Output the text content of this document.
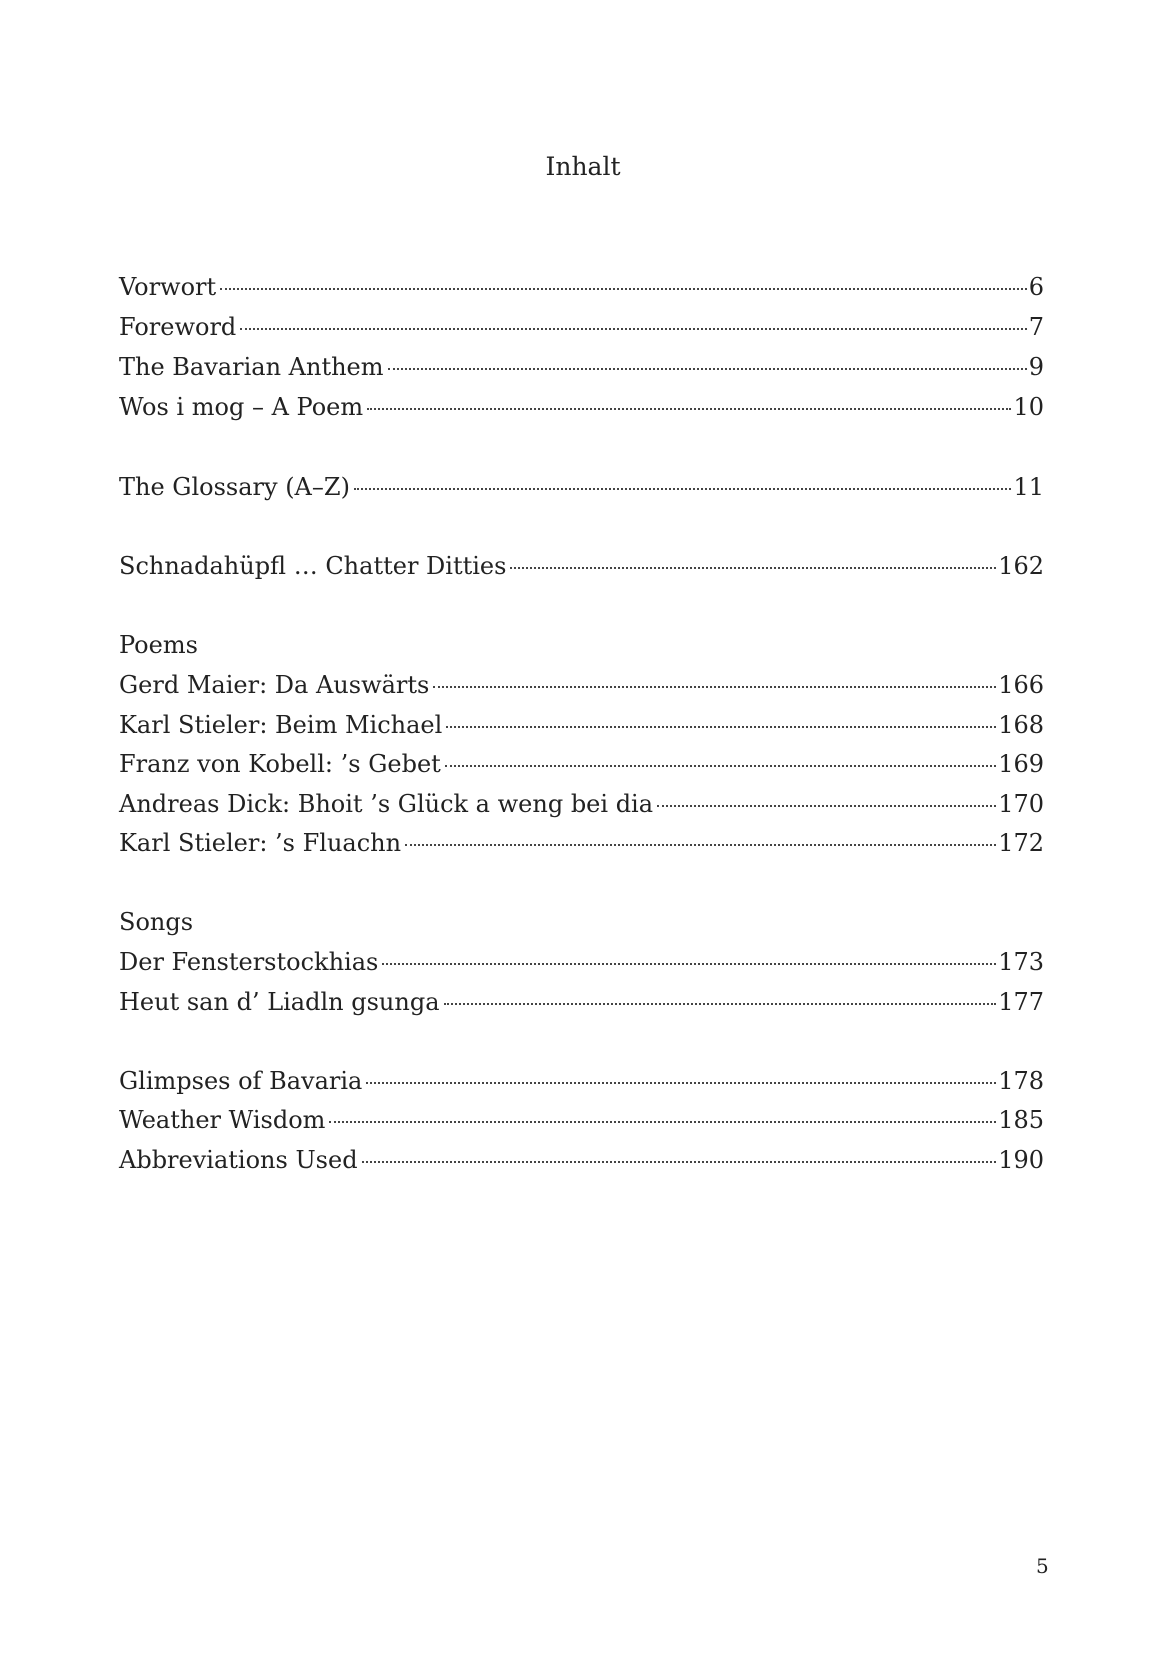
Inhalt
Vorwort	6
Foreword	7
The Bavarian Anthem	9
Wos i mog – A Poem	10
The Glossary (A–Z)	11
Schnadahüpfl … Chatter Ditties	162
Poems
Gerd Maier: Da Auswärts	166
Karl Stieler: Beim Michael	168
Franz von Kobell: ’s Gebet	169
Andreas Dick: Bhoit ’s Glück a weng bei dia	170
Karl Stieler: ’s Fluachn	172
Songs
Der Fensterstockhias	173
Heut san d’ Liadln gsunga	177
Glimpses of Bavaria	178
Weather Wisdom	185
Abbreviations Used	190
5
